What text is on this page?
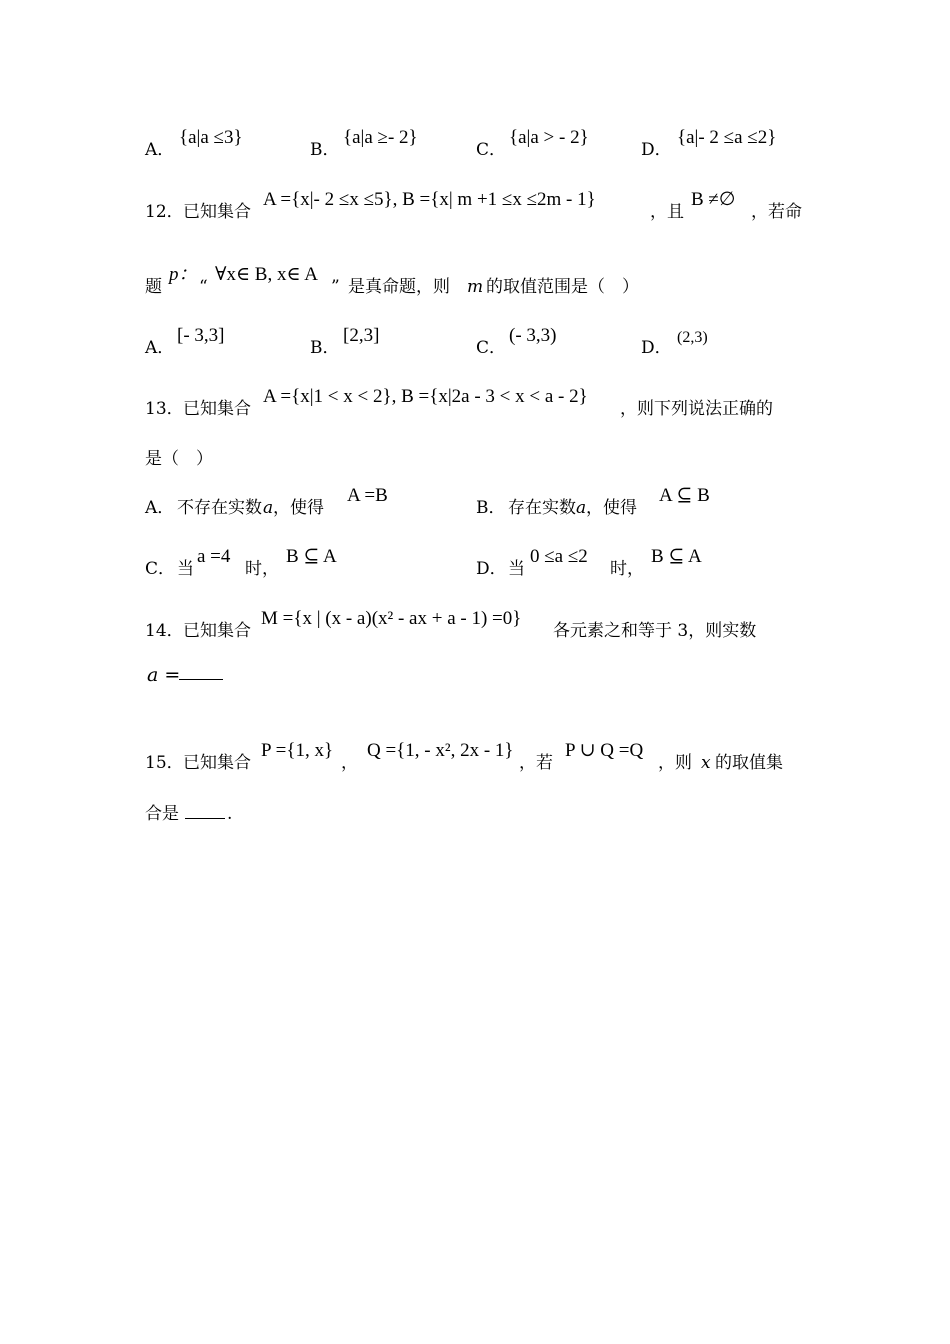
A．
{a|a ≤3}
B．
{a|a ≥- 2}
C．
{a|a > - 2}
D．
{a|- 2 ≤a ≤2}
12． 已知集合
A ={x|- 2 ≤x ≤5}, B ={x| m +1 ≤x ≤2m - 1}
，且
B ≠∅
，若命
题
p：
“
∀x∈ B, x∈ A
” 是真命题，则 m 的取值范围是（　）
A．
[- 3,3]
B．
[2,3]
C．
(- 3,3)
D．
(2,3)
13． 已知集合
A ={x|1 < x < 2}, B ={x|2a - 3 < x < a - 2}
，则下列说法正确的
是（　）
A． 不存在实数 a ，使得
A =B
B． 存在实数 a ，使得
A ⊆ B
C． 当
a =4
时，
B ⊆ A
D． 当
0 ≤a ≤2
时，
B ⊆ A
14． 已知集合
M ={x | (x - a)(x² - ax + a - 1) =0}
各元素之和等于 3，则实数
a =
15． 已知集合
P ={1, x}
，
Q ={1, - x², 2x - 1}
，若
P ∪ Q =Q
，则 x 的取值集
合是	.
